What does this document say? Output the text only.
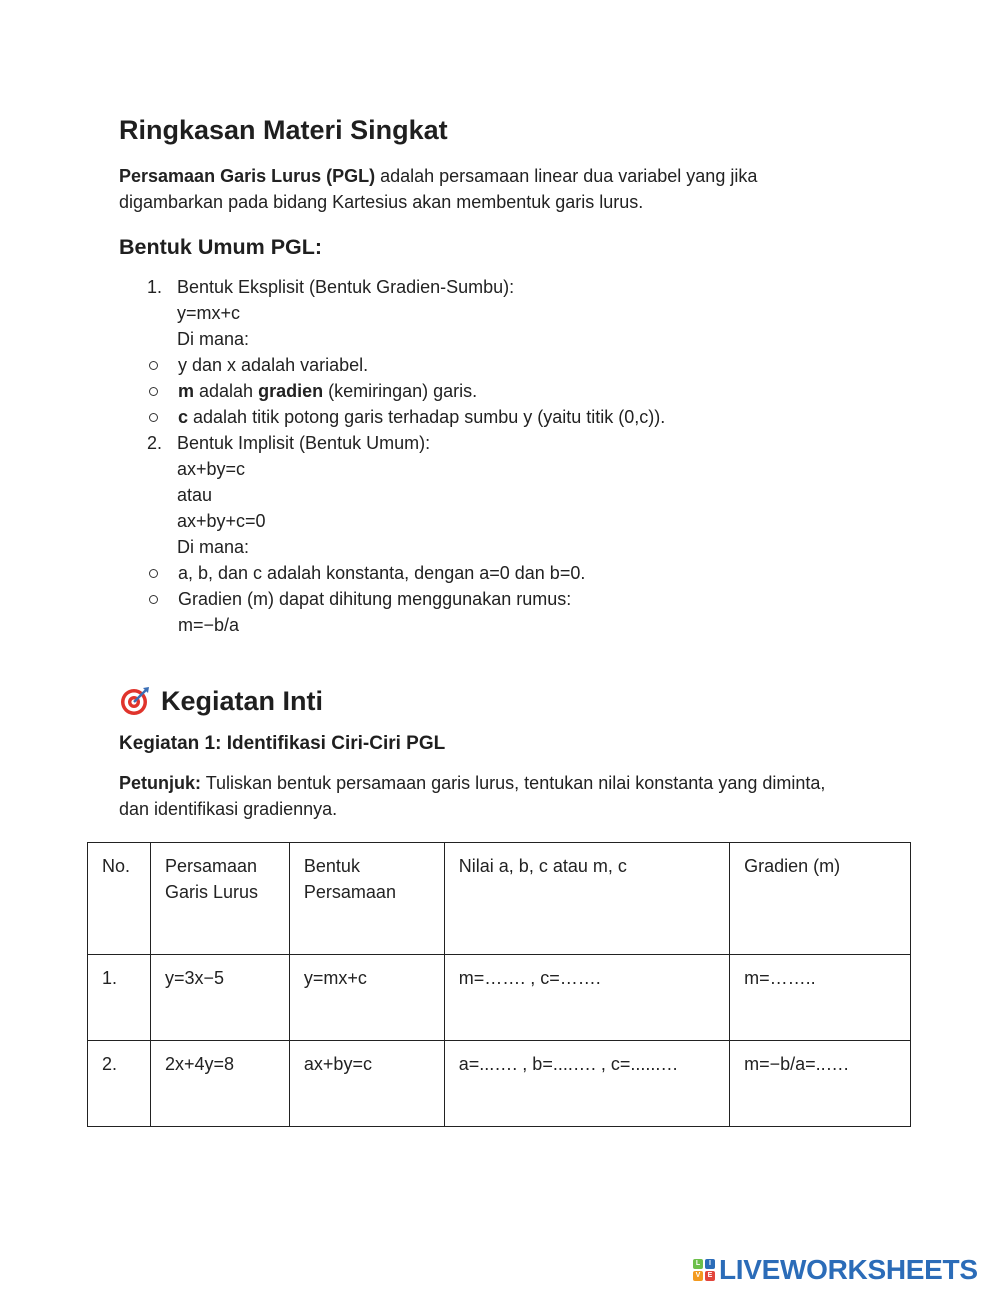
Ringkasan Materi Singkat

Persamaan Garis Lurus (PGL) adalah persamaan linear dua variabel yang jika digambarkan pada bidang Kartesius akan membentuk garis lurus.

Bentuk Umum PGL:
1. Bentuk Eksplisit (Bentuk Gradien-Sumbu):
y=mx+c
Di mana:
y dan x adalah variabel.
m adalah gradien (kemiringan) garis.
c adalah titik potong garis terhadap sumbu y (yaitu titik (0,c)).
2. Bentuk Implisit (Bentuk Umum):
ax+by=c
atau
ax+by+c=0
Di mana:
a, b, dan c adalah konstanta, dengan a=0 dan b=0.
Gradien (m) dapat dihitung menggunakan rumus:
m=−b/a
Kegiatan Inti
Kegiatan 1: Identifikasi Ciri-Ciri PGL

Petunjuk: Tuliskan bentuk persamaan garis lurus, tentukan nilai konstanta yang diminta, dan identifikasi gradiennya.

No.	Persamaan Garis Lurus	Bentuk Persamaan	Nilai a, b, c atau m, c	Gradien (m)
1.	y=3x−5	y=mx+c	m=……. , c=…….	m=……..
2.	2x+4y=8	ax+by=c	a=...…. , b=....…. , c=......…	m=−b/a=..….
L	I
V	E LIVEWORKSHEETS
